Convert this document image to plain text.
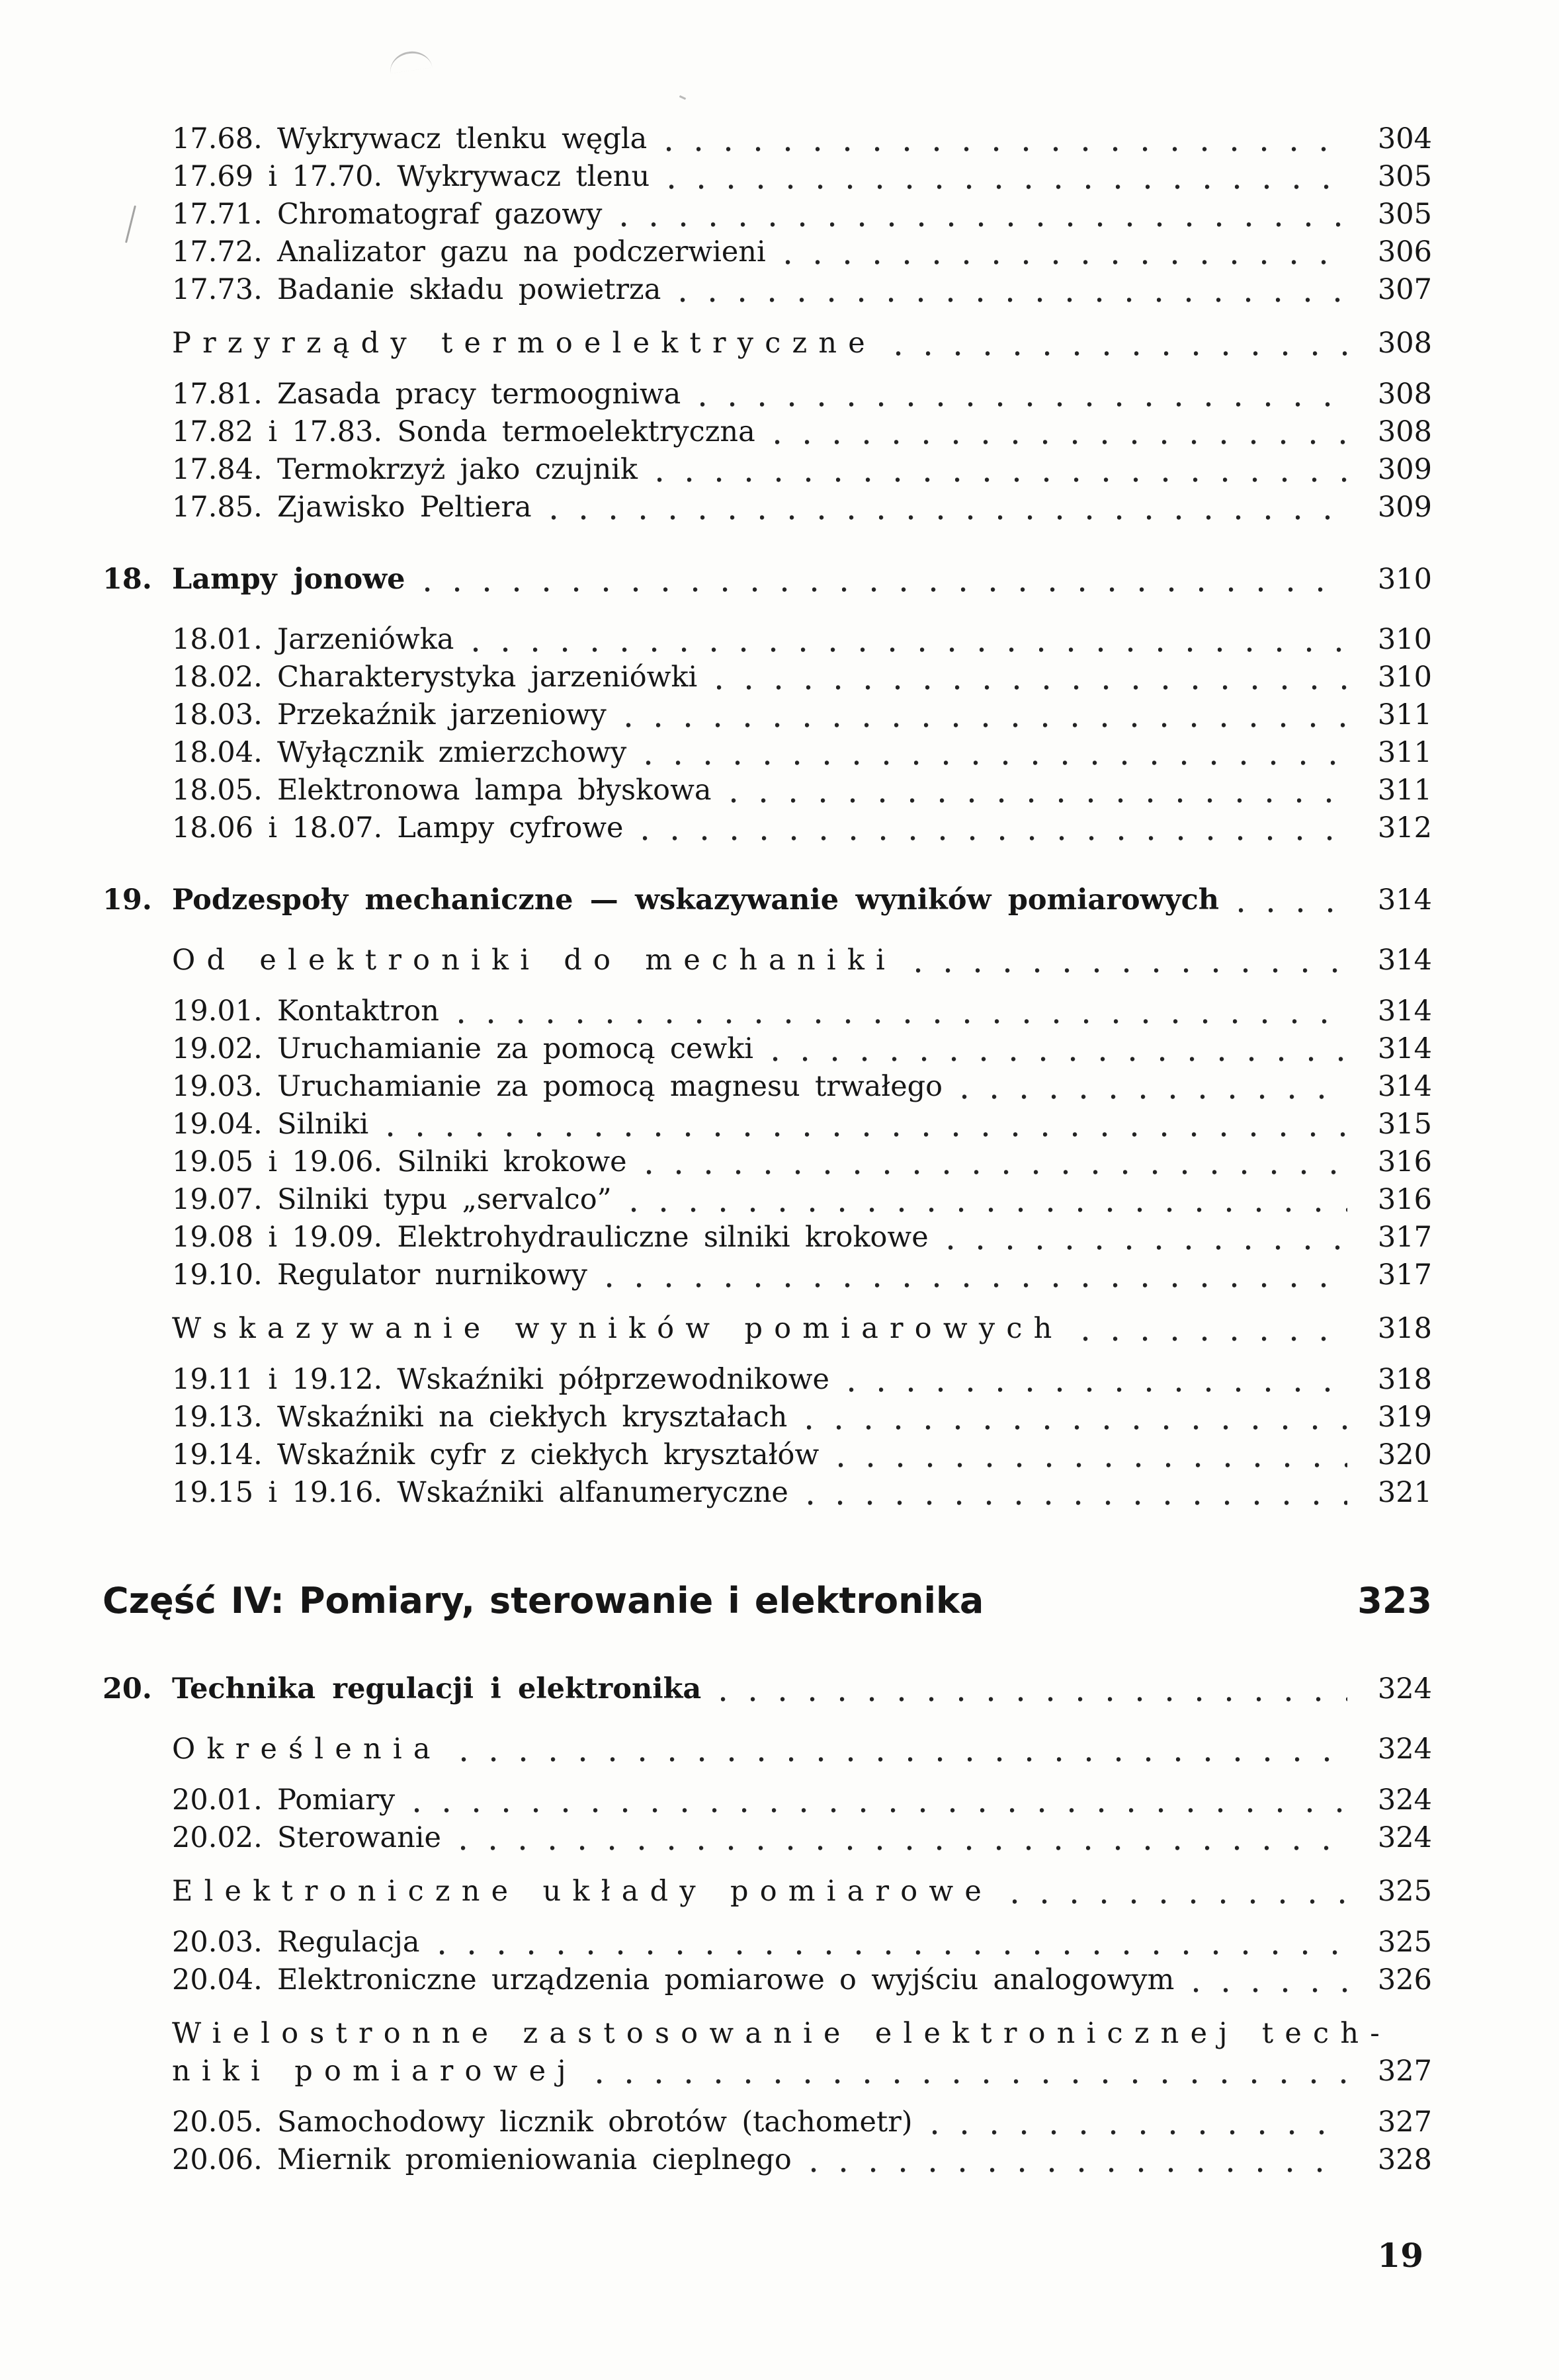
17.68. Wykrywacz tlenku węgla	304
17.69 i 17.70. Wykrywacz tlenu	305
17.71. Chromatograf gazowy	305
17.72. Analizator gazu na podczerwieni	306
17.73. Badanie składu powietrza	307
Przyrządy termoelektryczne	308
17.81. Zasada pracy termoogniwa	308
17.82 i 17.83. Sonda termoelektryczna	308
17.84. Termokrzyż jako czujnik	309
17.85. Zjawisko Peltiera	309
18. Lampy jonowe	310
18.01. Jarzeniówka	310
18.02. Charakterystyka jarzeniówki	310
18.03. Przekaźnik jarzeniowy	311
18.04. Wyłącznik zmierzchowy	311
18.05. Elektronowa lampa błyskowa	311
18.06 i 18.07. Lampy cyfrowe	312
19. Podzespoły mechaniczne — wskazywanie wyników pomiarowych	314
Od elektroniki do mechaniki	314
19.01. Kontaktron	314
19.02. Uruchamianie za pomocą cewki	314
19.03. Uruchamianie za pomocą magnesu trwałego	314
19.04. Silniki	315
19.05 i 19.06. Silniki krokowe	316
19.07. Silniki typu „servalco”	316
19.08 i 19.09. Elektrohydrauliczne silniki krokowe	317
19.10. Regulator nurnikowy	317
Wskazywanie wyników pomiarowych	318
19.11 i 19.12. Wskaźniki półprzewodnikowe	318
19.13. Wskaźniki na ciekłych kryształach	319
19.14. Wskaźnik cyfr z ciekłych kryształów	320
19.15 i 19.16. Wskaźniki alfanumeryczne	321
Część IV: Pomiary, sterowanie i elektronika	323
20. Technika regulacji i elektronika	324
Określenia	324
20.01. Pomiary	324
20.02. Sterowanie	324
Elektroniczne układy pomiarowe	325
20.03. Regulacja	325
20.04. Elektroniczne urządzenia pomiarowe o wyjściu analogowym	326
Wielostronne zastosowanie elektronicznej tech-
niki pomiarowej	327
20.05. Samochodowy licznik obrotów (tachometr)	327
20.06. Miernik promieniowania cieplnego	328
19
